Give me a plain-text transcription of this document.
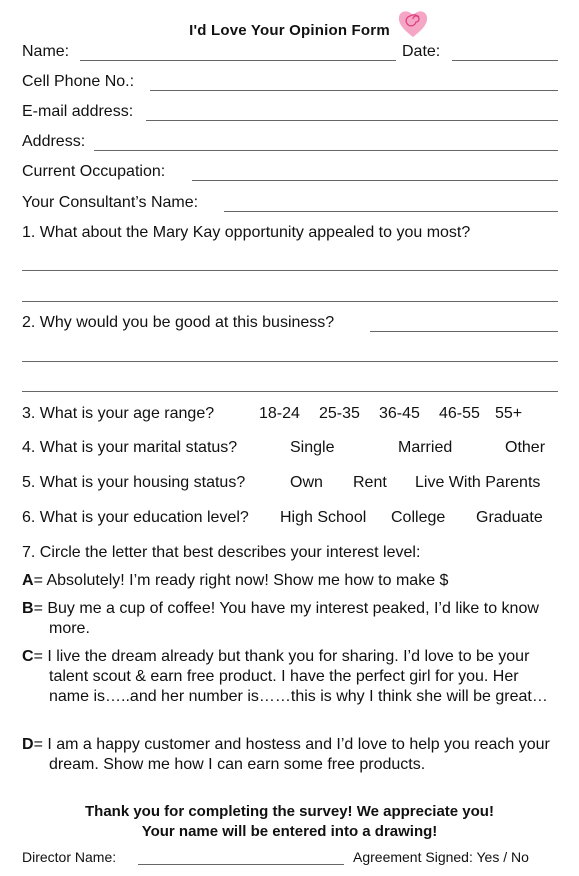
I'd Love Your Opinion Form
Name:	Date:
Cell Phone No.:
E-mail address:
Address:
Current Occupation:
Your Consultant’s Name:
1. What about the Mary Kay opportunity appealed to you most?
2. Why would you be good at this business?
3. What is your age range?	18-24 25-35 36-45 46-55 55+
4. What is your marital status?	Single	Married	Other
5. What is your housing status?	Own Rent Live With Parents
6. What is your education level? High School College Graduate
7. Circle the letter that best describes your interest level:
A= Absolutely! I’m ready right now! Show me how to make $
B= Buy me a cup of coffee! You have my interest peaked, I’d like to know more.
C= I live the dream already but thank you for sharing. I’d love to be your talent scout & earn free product. I have the perfect girl for you. Her name is…..and her number is……this is why I think she will be great…
D= I am a happy customer and hostess and I’d love to help you reach your dream. Show me how I can earn some free products.
Thank you for completing the survey! We appreciate you!
Your name will be entered into a drawing!
Director Name:	Agreement Signed: Yes / No
